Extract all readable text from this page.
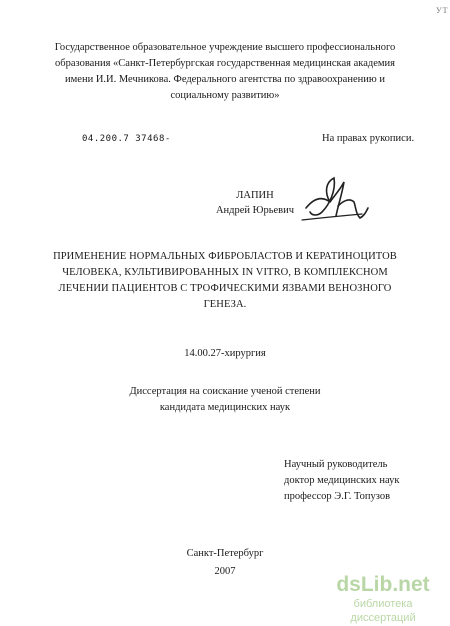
УТ
Государственное образовательное учреждение высшего профессионального
образования «Санкт-Петербургская государственная медицинская академия
имени И.И. Мечникова. Федерального агентства по здравоохранению и
социальному развитию»
04.200.7 37468-	На правах рукописи.
ЛАПИН
Андрей Юрьевич
ПРИМЕНЕНИЕ НОРМАЛЬНЫХ ФИБРОБЛАСТОВ И КЕРАТИНОЦИТОВ
ЧЕЛОВЕКА, КУЛЬТИВИРОВАННЫХ IN VITRO, В КОМПЛЕКСНОМ
ЛЕЧЕНИИ ПАЦИЕНТОВ С ТРОФИЧЕСКИМИ ЯЗВАМИ ВЕНОЗНОГО
ГЕНЕЗА.
14.00.27-хирургия
Диссертация на соискание ученой степени
кандидата медицинских наук
Научный руководитель
доктор медицинских наук
профессор Э.Г. Топузов
Санкт-Петербург
2007
dsLib.net
библиотека диссертаций
